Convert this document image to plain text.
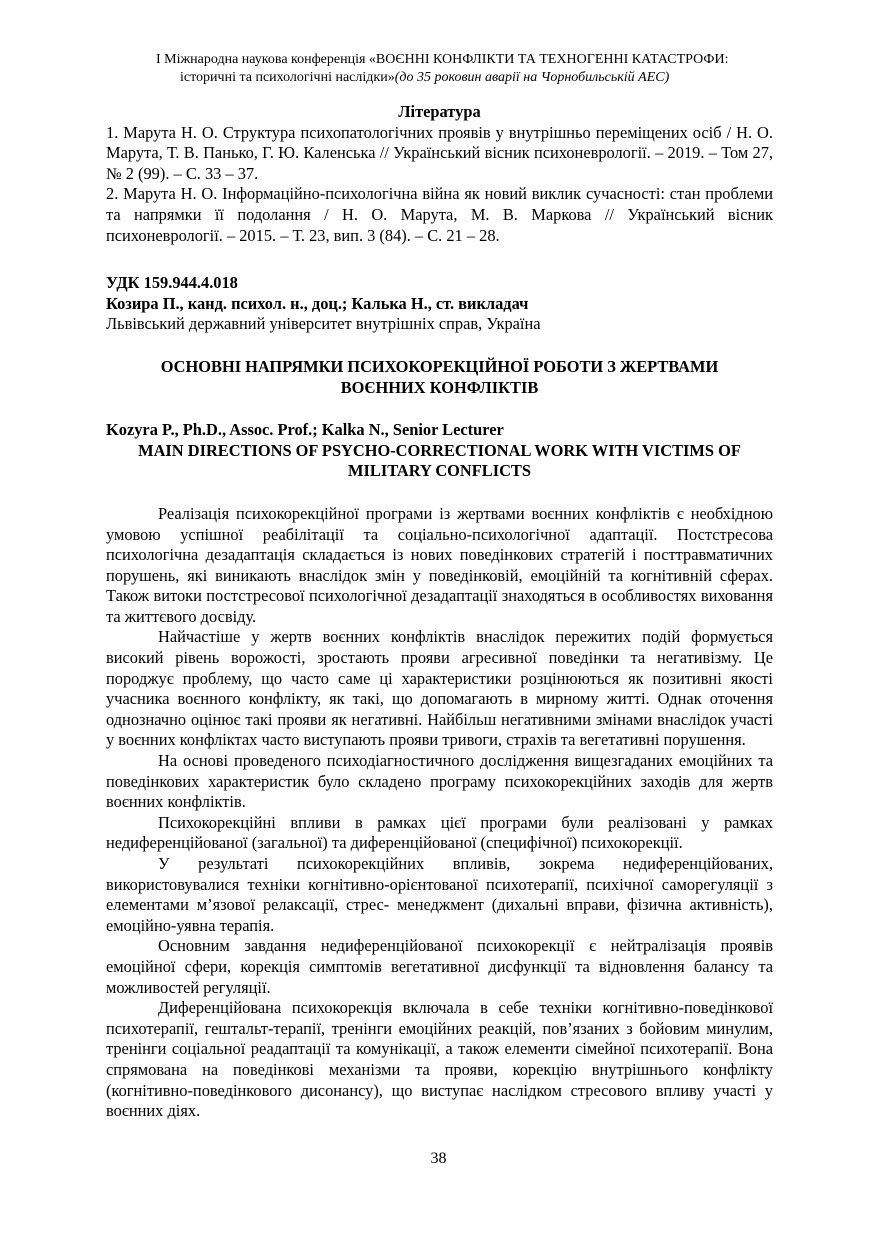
І Міжнародна наукова конференція «ВОЄННІ КОНФЛІКТИ ТА ТЕХНОГЕННІ КАТАСТРОФИ:
історичні та психологічні наслідки»(до 35 роковин аварії на Чорнобильській АЕС)
Література

1. Марута Н. О. Структура психопатологічних проявів у внутрішньо переміщених осіб / Н. О. Марута, Т. В. Панько, Г. Ю. Каленська // Український вісник психоневрології. – 2019. – Том 27, № 2 (99). – С. 33 – 37.

2. Марута Н. О. Інформаційно-психологічна війна як новий виклик сучасності: стан проблеми та напрямки її подолання / Н. О. Марута, М. В. Маркова // Український вісник психоневрології. – 2015. – Т. 23, вип. 3 (84). – С. 21 – 28.

УДК 159.944.4.018

Козира П., канд. психол. н., доц.; Калька Н., ст. викладач

Львівський державний університет внутрішніх справ, Україна

ОСНОВНІ НАПРЯМКИ ПСИХОКОРЕКЦІЙНОЇ РОБОТИ З ЖЕРТВАМИ
ВОЄННИХ КОНФЛІКТІВ

Kozyra P., Ph.D., Assoc. Prof.; Kalka N., Senior Lecturer

MAIN DIRECTIONS OF PSYCHO-CORRECTIONAL WORK WITH VICTIMS OF
MILITARY CONFLICTS

Реалізація психокорекційної програми із жертвами воєнних конфліктів є необхідною умовою успішної реабілітації та соціально-психологічної адаптації. Постстресова психологічна дезадаптація складається із нових поведінкових стратегій і посттравматичних порушень, які виникають внаслідок змін у поведінковій, емоційній та когнітивній сферах. Також витоки постстресової психологічної дезадаптації знаходяться в особливостях виховання та життєвого досвіду.

Найчастіше у жертв воєнних конфліктів внаслідок пережитих подій формується високий рівень ворожості, зростають прояви агресивної поведінки та негативізму. Це породжує проблему, що часто саме ці характеристики розцінюються як позитивні якості учасника воєнного конфлікту, як такі, що допомагають в мирному житті. Однак оточення однозначно оцінює такі прояви як негативні. Найбільш негативними змінами внаслідок участі у воєнних конфліктах часто виступають прояви тривоги, страхів та вегетативні порушення.

На основі проведеного психодіагностичного дослідження вищезгаданих емоційних та поведінкових характеристик було складено програму психокорекційних заходів для жертв воєнних конфліктів.

Психокорекційні впливи в рамках цієї програми були реалізовані у рамках недиференційованої (загальної) та диференційованої (специфічної) психокорекції.

У результаті психокорекційних впливів, зокрема недиференційованих, використовувалися техніки когнітивно-орієнтованої психотерапії, психічної саморегуляції з елементами м’язової релаксації, стрес- менеджмент (дихальні вправи, фізична активність), емоційно-уявна терапія.

Основним завдання недиференційованої психокорекції є нейтралізація проявів емоційної сфери, корекція симптомів вегетативної дисфункції та відновлення балансу та можливостей регуляції.

Диференційована психокорекція включала в себе техніки когнітивно-поведінкової психотерапії, гештальт-терапії, тренінги емоційних реакцій, пов’язаних з бойовим минулим, тренінги соціальної реадаптації та комунікації, а також елементи сімейної психотерапії. Вона спрямована на поведінкові механізми та прояви, корекцію внутрішнього конфлікту (когнітивно-поведінкового дисонансу), що виступає наслідком стресового впливу участі у воєнних діях.

38
